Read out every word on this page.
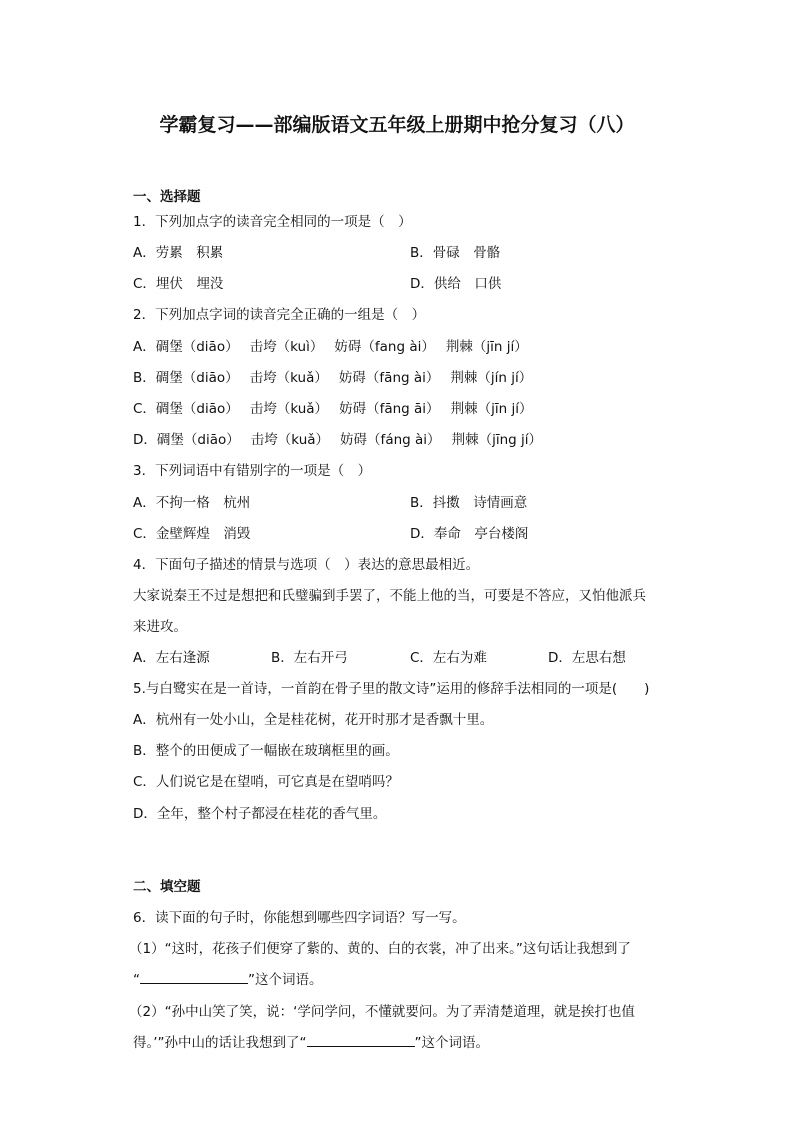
学霸复习——部编版语文五年级上册期中抢分复习（八）
一、选择题
1．下列加点字的读音完全相同的一项是（　）
A．劳累　积累	B．骨碌　骨骼
C．埋伏　埋没	D．供给　口供
2．下列加点字词的读音完全正确的一组是（　）
A．碉堡（diāo）　 击垮（kuì）　 妨碍（fang ài）　 荆棘（jīn jí）
B．碉堡（diāo）　 击垮（kuǎ）　 妨碍（fāng ài）　 荆棘（jín jí）
C．碉堡（diāo）　 击垮（kuǎ）　 妨碍（fāng āi）　 荆棘（jīn jí）
D．碉堡（diāo）　 击垮（kuǎ）　 妨碍（fáng ài）　 荆棘（jīng jí）
3．下列词语中有错别字的一项是（　）
A．不拘一格　杭州	B．抖擞　诗情画意
C．金壁辉煌　消毁	D．奉命　亭台楼阁
4．下面句子描述的情景与选项（　）表达的意思最相近。
大家说秦王不过是想把和氏璧骗到手罢了，不能上他的当，可要是不答应，又怕他派兵
来进攻。
A．左右逢源	B．左右开弓	C．左右为难	D．左思右想
5.与白鹭实在是一首诗，一首韵在骨子里的散文诗”运用的修辞手法相同的一项是(　　)
A．杭州有一处小山，全是桂花树，花开时那才是香飘十里。
B．整个的田便成了一幅嵌在玻璃框里的画。
C．人们说它是在望哨，可它真是在望哨吗？
D．全年，整个村子都浸在桂花的香气里。
二、填空题
6．读下面的句子时，你能想到哪些四字词语？写一写。
（1）“这时，花孩子们便穿了紫的、黄的、白的衣裳，冲了出来。”这句话让我想到了
“	”这个词语。
（2）“孙中山笑了笑，说：‘学问学问，不懂就要问。为了弄清楚道理，就是挨打也值
得。’”孙中山的话让我想到了“	”这个词语。
